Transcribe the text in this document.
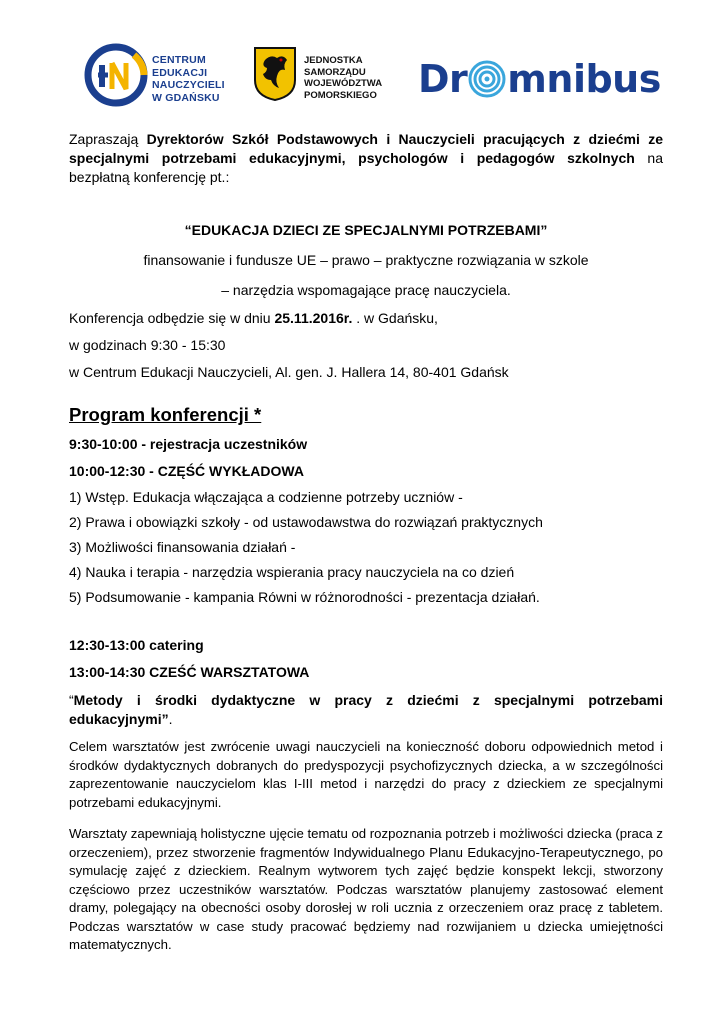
CENTRUM
EDUKACJI
NAUCZYCIELI
W GDAŃSKU
JEDNOSTKA
SAMORZĄDU
WOJEWÓDZTWA
POMORSKIEGO Dr mnibus
Zapraszają Dyrektorów Szkół Podstawowych i Nauczycieli pracujących z dziećmi ze specjalnymi potrzebami edukacyjnymi, psychologów i pedagogów szkolnych na bezpłatną konferencję pt.:
“EDUKACJA DZIECI ZE SPECJALNYMI POTRZEBAMI”
finansowanie i fundusze UE – prawo – praktyczne rozwiązania w szkole
– narzędzia wspomagające pracę nauczyciela.
Konferencja odbędzie się w dniu 25.11.2016r. . w Gdańsku,
w godzinach 9:30 - 15:30
w Centrum Edukacji Nauczycieli, Al. gen. J. Hallera 14, 80-401 Gdańsk
Program konferencji *
9:30-10:00 - rejestracja uczestników
10:00-12:30 - CZĘŚĆ WYKŁADOWA
1) Wstęp. Edukacja włączająca a codzienne potrzeby uczniów -
2) Prawa i obowiązki szkoły - od ustawodawstwa do rozwiązań praktycznych
3) Możliwości finansowania działań -
4) Nauka i terapia - narzędzia wspierania pracy nauczyciela na co dzień
5) Podsumowanie - kampania Równi w różnorodności - prezentacja działań.
12:30-13:00 catering
13:00-14:30 CZEŚĆ WARSZTATOWA
“Metody i środki dydaktyczne w pracy z dziećmi z specjalnymi potrzebami edukacyjnymi”.
Celem warsztatów jest zwrócenie uwagi nauczycieli na konieczność doboru odpowiednich metod i środków dydaktycznych dobranych do predyspozycji psychofizycznych dziecka, a w szczególności zaprezentowanie nauczycielom klas I-III metod i narzędzi do pracy z dzieckiem ze specjalnymi potrzebami edukacyjnymi.
Warsztaty zapewniają holistyczne ujęcie tematu od rozpoznania potrzeb i możliwości dziecka (praca z orzeczeniem), przez stworzenie fragmentów Indywidualnego Planu Edukacyjno-Terapeutycznego, po symulację zajęć z dzieckiem. Realnym wytworem tych zajęć będzie konspekt lekcji, stworzony częściowo przez uczestników warsztatów. Podczas warsztatów planujemy zastosować element dramy, polegający na obecności osoby dorosłej w roli ucznia z orzeczeniem oraz pracę z tabletem. Podczas warsztatów w case study pracować będziemy nad rozwijaniem u dziecka umiejętności matematycznych.
